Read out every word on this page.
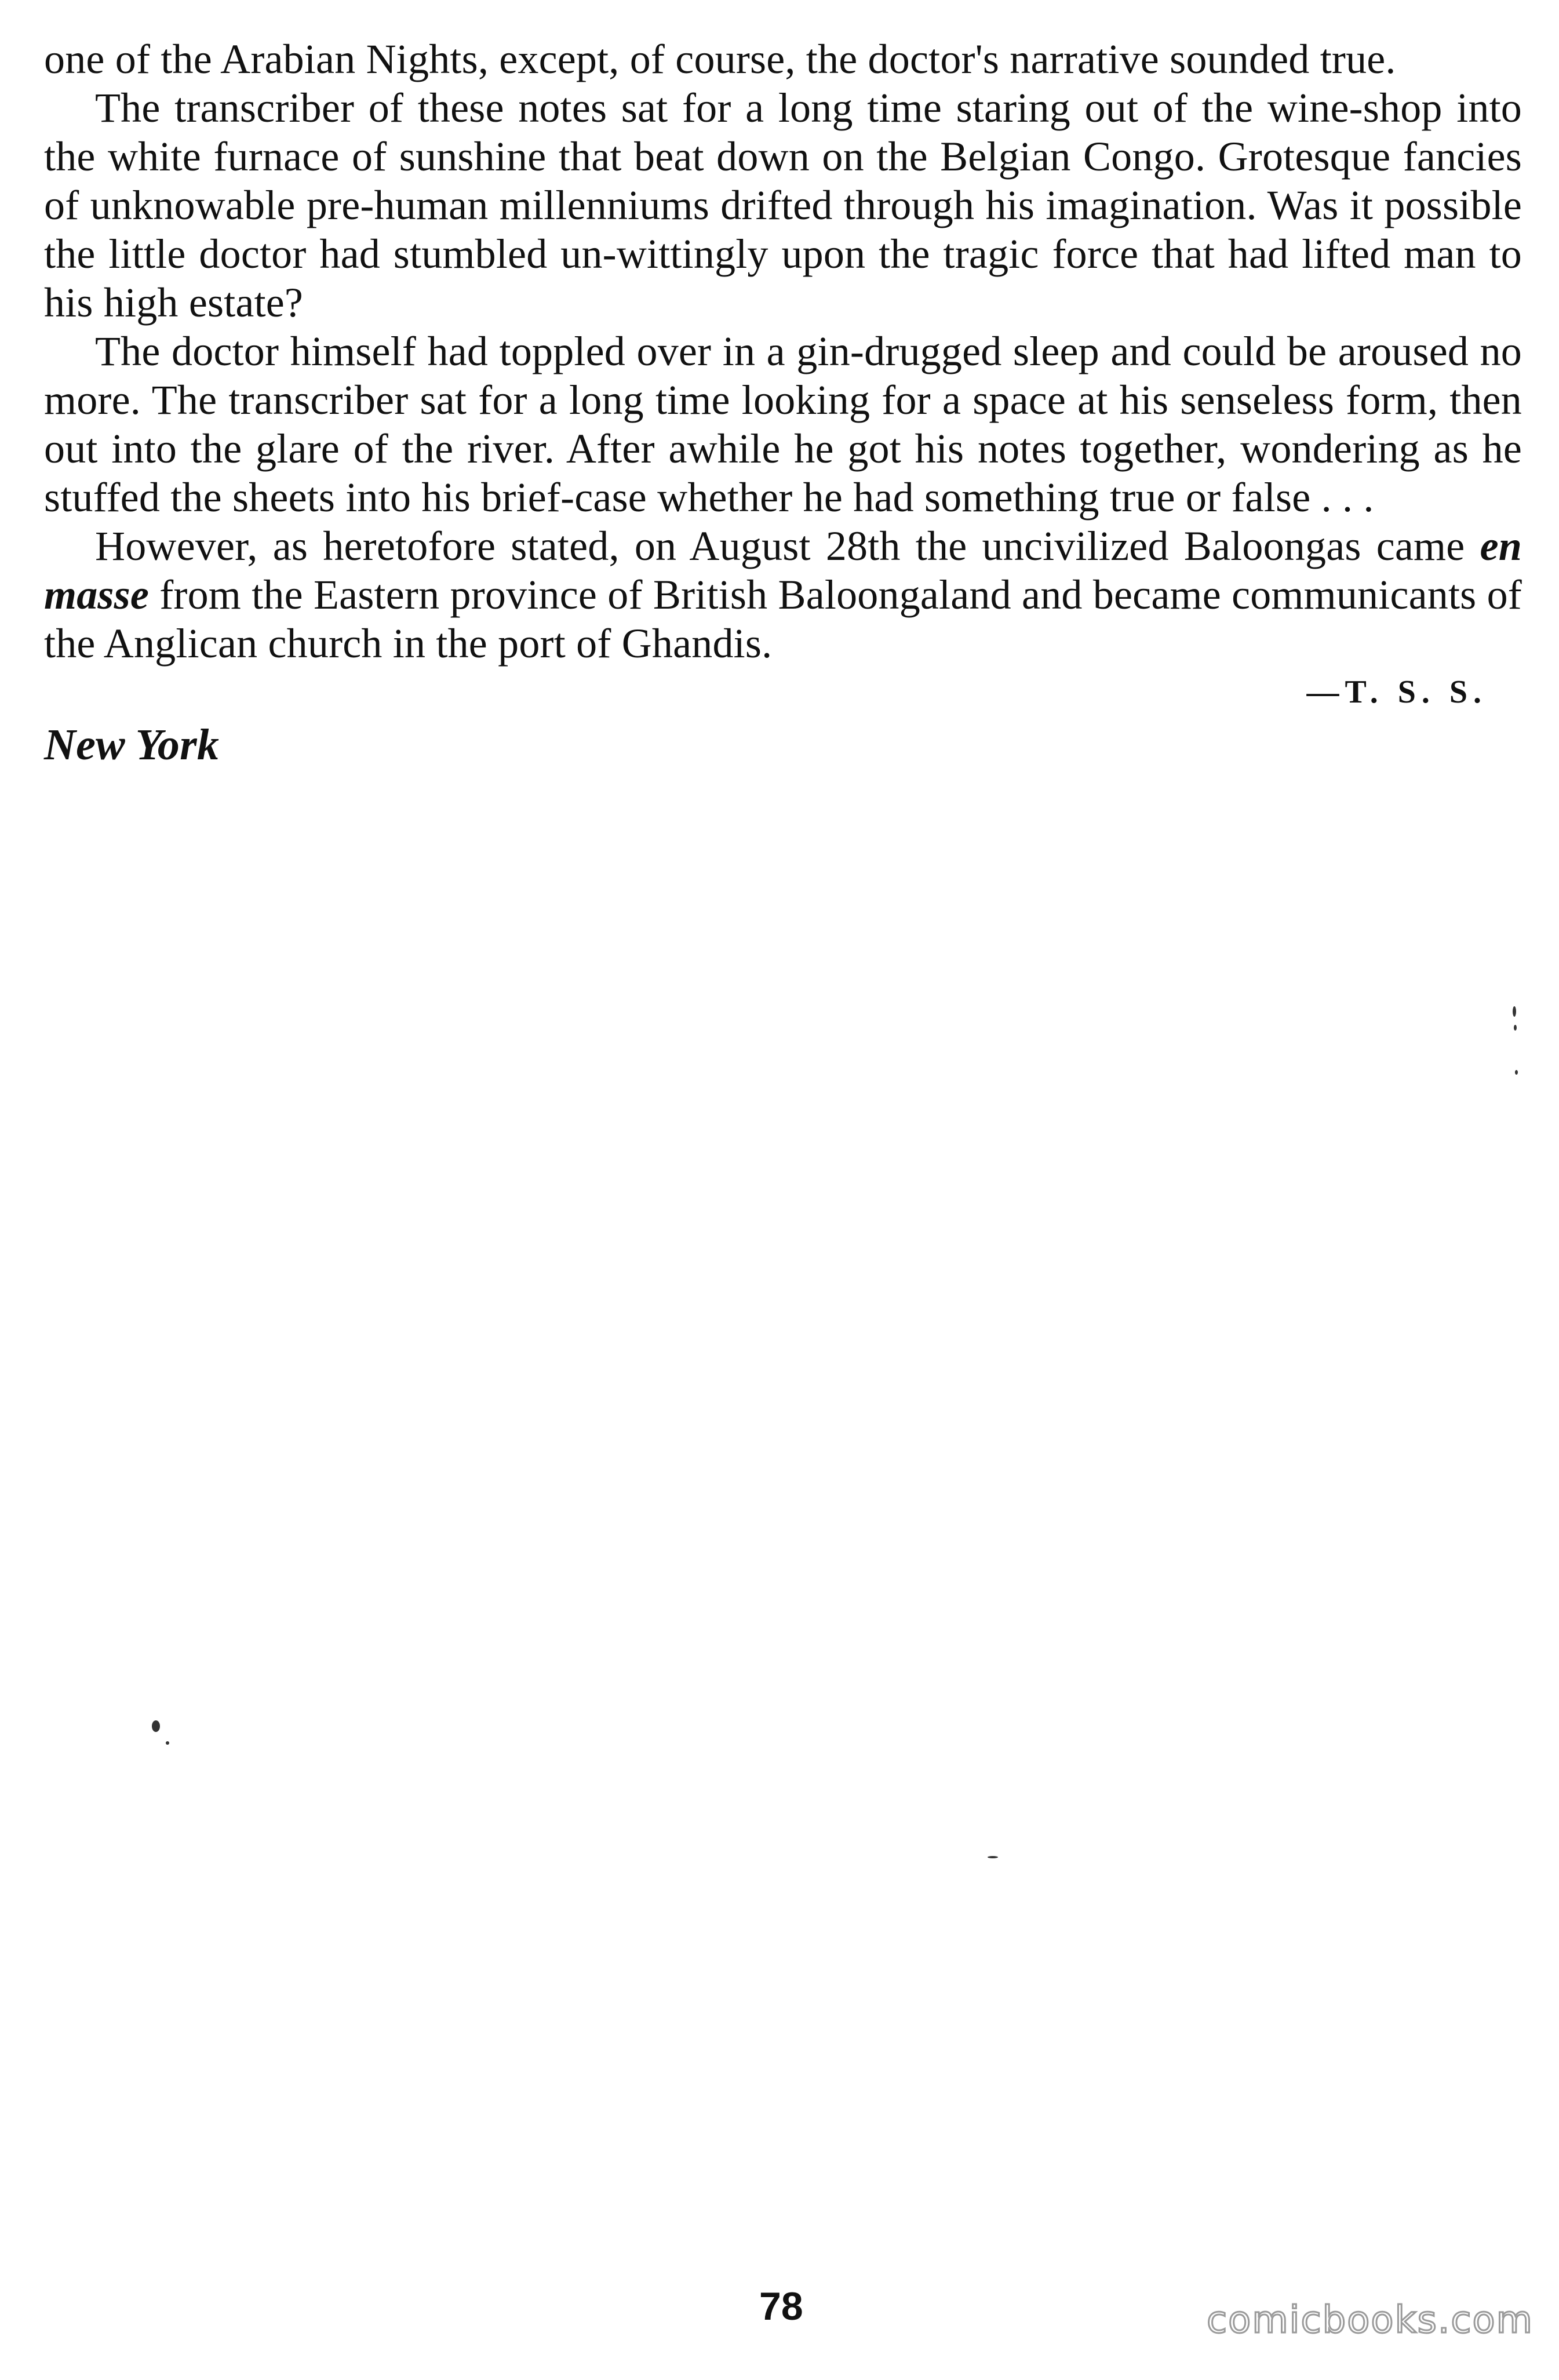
one of the Arabian Nights, except, of course, the doctor's narrative sounded true.

The transcriber of these notes sat for a long time staring out of the wine-shop into the white furnace of sunshine that beat down on the Belgian Congo. Grotesque fancies of unknowable pre-human millenniums drifted through his imagination. Was it possible the little doctor had stumbled un-wittingly upon the tragic force that had lifted man to his high estate?

The doctor himself had toppled over in a gin-drugged sleep and could be aroused no more. The transcriber sat for a long time looking for a space at his senseless form, then out into the glare of the river. After awhile he got his notes together, wondering as he stuffed the sheets into his brief-case whether he had something true or false . . .

However, as heretofore stated, on August 28th the uncivilized Baloongas came en masse from the Eastern province of British Baloongaland and became communicants of the Anglican church in the port of Ghandis.

—T. S. S.
New York
78	comicbooks.com
